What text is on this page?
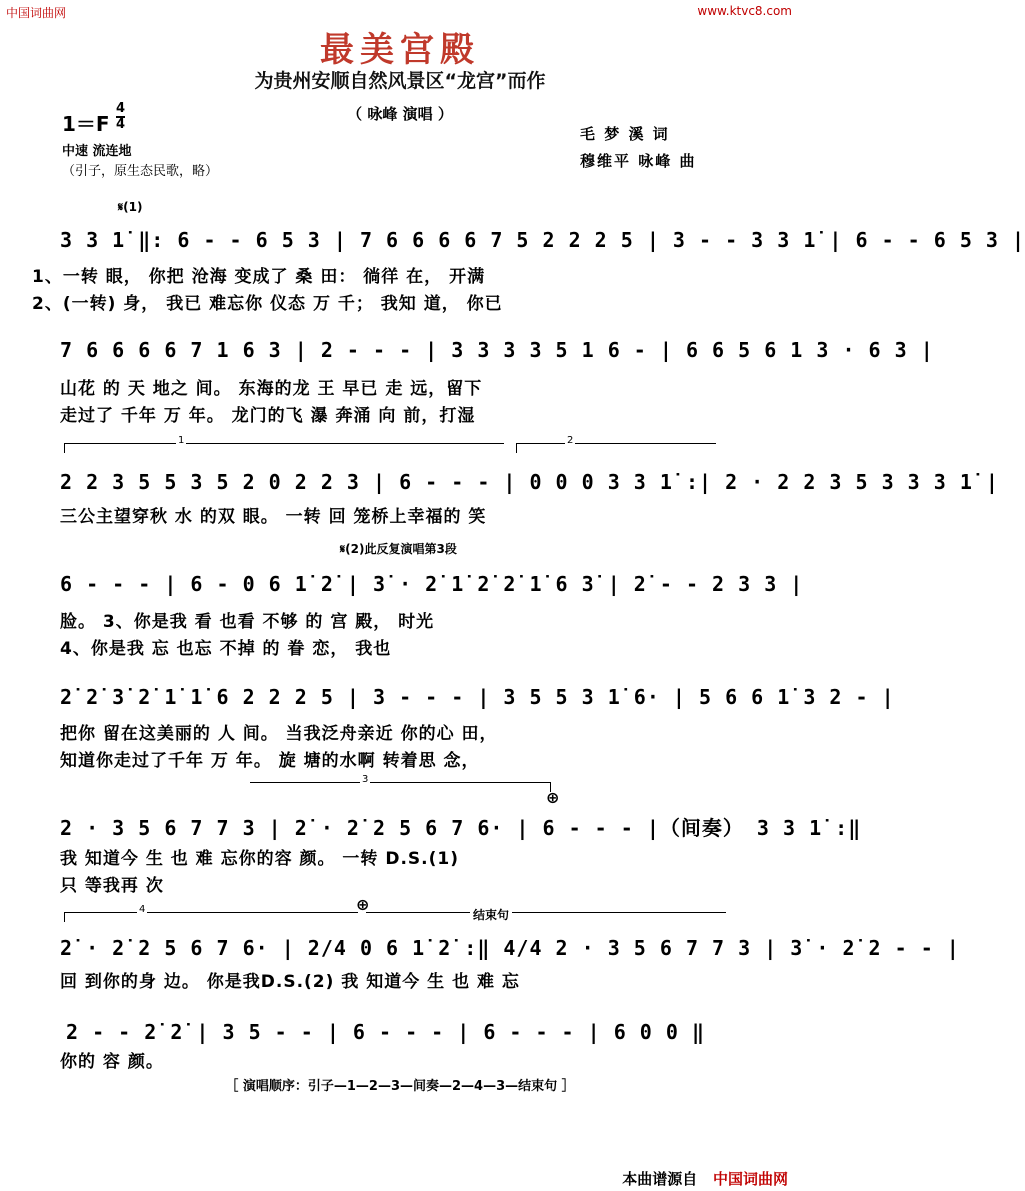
中国词曲网	www.ktvc8.com
最美宫殿
为贵州安顺自然风景区“龙宫”而作
（ 咏峰 演唱 ）
$1=F \frac{4}{4}$
中速 流连地
（引子，原生态民歌，略）
毛 梦 溪 词
穆维平 咏峰 曲
𝄋(1)
3 3 1̇ ‖: 6 - - 6 5 3 | 7 6 6 6 6 7 5 2 2 2 5 | 3 - - 3 3 1̇ | 6 - - 6 5 3 |
1、一转 眼， 你把 沧海 变成了 桑 田： 徜徉 在， 开满
2、(一转) 身， 我已 难忘你 仪态 万 千； 我知 道， 你已
7 6 6 6 6 7 1 6 3 | 2 - - - | 3 3 3 3 5 1 6 - | 6 6 5 6 1 3 · 6 3 |
山花 的 天 地之 间。 东海的龙 王 早已 走 远，留下
走过了 千年 万 年。 龙门的飞 瀑 奔涌 向 前，打湿
1	2
2 2 3 5 5 3 5 2 0 2 2 3 | 6 - - - | 0 0 0 3 3 1̇ :| 2 · 2 2 3 5 3 3 3 1̇ |
三公主望穿秋 水 的双 眼。 一转 回 笼桥上幸福的 笑
𝄋(2)此反复演唱第3段
6 - - - | 6 - 0 6 1̇ 2̇ | 3̇ · 2̇ 1̇ 2̇ 2̇ 1̇ 6 3̇ | 2̇ - - 2 3 3 |
脸。 3、你是我 看 也看 不够 的 宫 殿， 时光
4、你是我 忘 也忘 不掉 的 眷 恋， 我也
2̇ 2̇ 3̇ 2̇ 1̇ 1̇ 6 2 2 2 5 | 3 - - - | 3 5 5 3 1̇ 6· | 5 6 6 1̇ 3 2 - |
把你 留在这美丽的 人 间。 当我泛舟亲近 你的心 田，
知道你走过了千年 万 年。 旋 塘的水啊 转着思 念，
3
⊕
2 · 3 5 6 7 7 3 | 2̇ · 2̇ 2 5 6 7 6· | 6 - - - |（间奏） 3 3 1̇ :‖
我 知道今 生 也 难 忘你的容 颜。 一转 D.S.(1)
只 等我再 次
4	⊕
结束句
2̇ · 2̇ 2 5 6 7 6· | 2/4 0 6 1̇ 2̇ :‖ 4/4 2 · 3 5 6 7 7 3 | 3̇ · 2̇ 2 - - |
回 到你的身 边。 你是我D.S.(2) 我 知道今 生 也 难 忘
2 - - 2̇ 2̇ | 3 5 - - | 6 - - - | 6 - - - | 6 0 0 ‖
你的 容 颜。
［ 演唱顺序：引子—1—2—3—间奏—2—4—3—结束句 ］
本曲谱源自 中国词曲网
